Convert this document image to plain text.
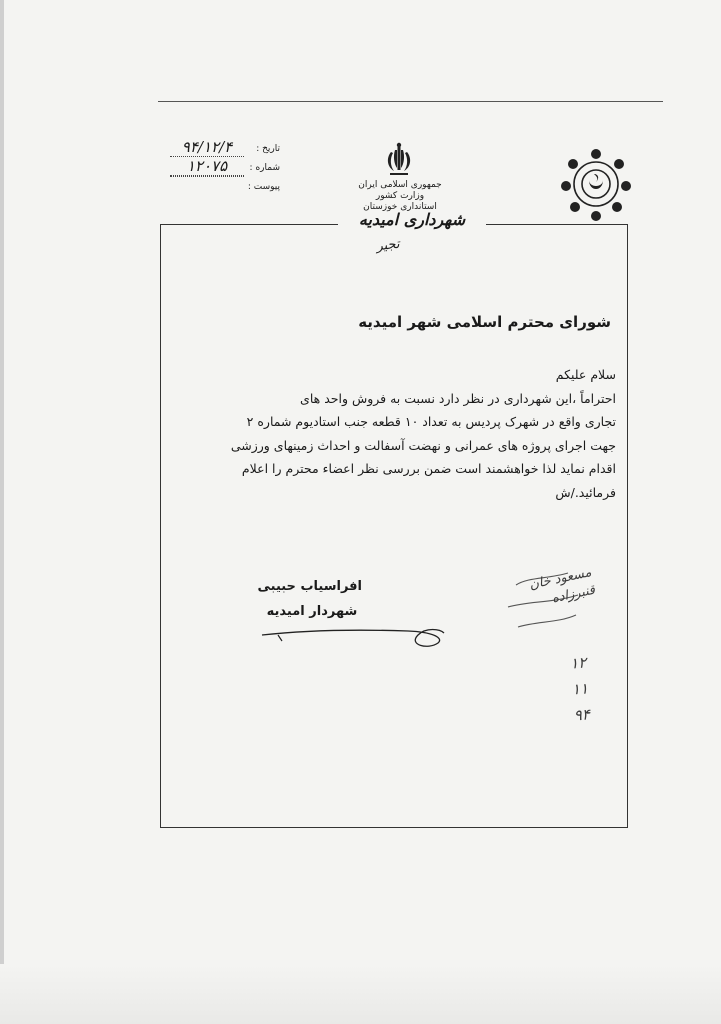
جمهوری اسلامی ایران
وزارت کشور
استانداری خوزستان
تاریخ :
۹۴/۱۲/۴
شماره :
۱۲۰۷۵
پیوست :
شهرداری امیدیه
تجیر
شورای محترم اسلامی شهر امیدیه
سلام علیکم
احتراماً ،این شهرداری در نظر دارد نسبت به فروش واحد های
تجاری واقع در شهرک پردیس به تعداد ۱۰ قطعه جنب استادیوم شماره ۲
جهت اجرای پروژه های عمرانی و نهضت آسفالت و احداث زمینهای ورزشی
اقدام نماید لذا خواهشمند است ضمن بررسی نظر اعضاء محترم را اعلام
فرمائید./ش
افراسیاب حبیبی
شهردار امیدیه
مسعود خان قنبرزاده
۱۲
۱۱
۹۴
